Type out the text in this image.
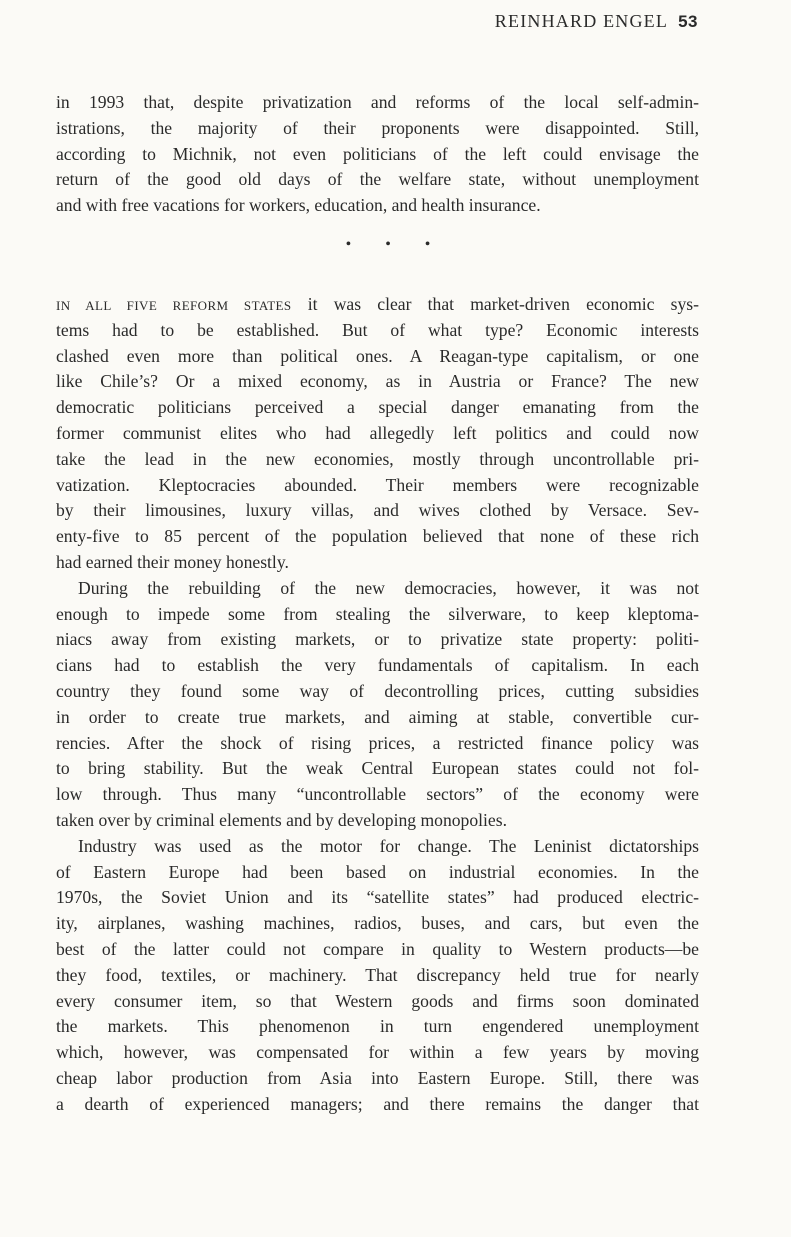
REINHARD ENGEL 53
in 1993 that, despite privatization and reforms of the local self-admin-
istrations, the majority of their proponents were disappointed. Still,
according to Michnik, not even politicians of the left could envisage the
return of the good old days of the welfare state, without unemployment
and with free vacations for workers, education, and health insurance.
• • •
IN ALL FIVE REFORM STATES it was clear that market-driven economic sys-
tems had to be established. But of what type? Economic interests
clashed even more than political ones. A Reagan-type capitalism, or one
like Chile’s? Or a mixed economy, as in Austria or France? The new
democratic politicians perceived a special danger emanating from the
former communist elites who had allegedly left politics and could now
take the lead in the new economies, mostly through uncontrollable pri-
vatization. Kleptocracies abounded. Their members were recognizable
by their limousines, luxury villas, and wives clothed by Versace. Sev-
enty-five to 85 percent of the population believed that none of these rich
had earned their money honestly.
During the rebuilding of the new democracies, however, it was not
enough to impede some from stealing the silverware, to keep kleptoma-
niacs away from existing markets, or to privatize state property: politi-
cians had to establish the very fundamentals of capitalism. In each
country they found some way of decontrolling prices, cutting subsidies
in order to create true markets, and aiming at stable, convertible cur-
rencies. After the shock of rising prices, a restricted finance policy was
to bring stability. But the weak Central European states could not fol-
low through. Thus many “uncontrollable sectors” of the economy were
taken over by criminal elements and by developing monopolies.
Industry was used as the motor for change. The Leninist dictatorships
of Eastern Europe had been based on industrial economies. In the
1970s, the Soviet Union and its “satellite states” had produced electric-
ity, airplanes, washing machines, radios, buses, and cars, but even the
best of the latter could not compare in quality to Western products—be
they food, textiles, or machinery. That discrepancy held true for nearly
every consumer item, so that Western goods and firms soon dominated
the markets. This phenomenon in turn engendered unemployment
which, however, was compensated for within a few years by moving
cheap labor production from Asia into Eastern Europe. Still, there was
a dearth of experienced managers; and there remains the danger that
